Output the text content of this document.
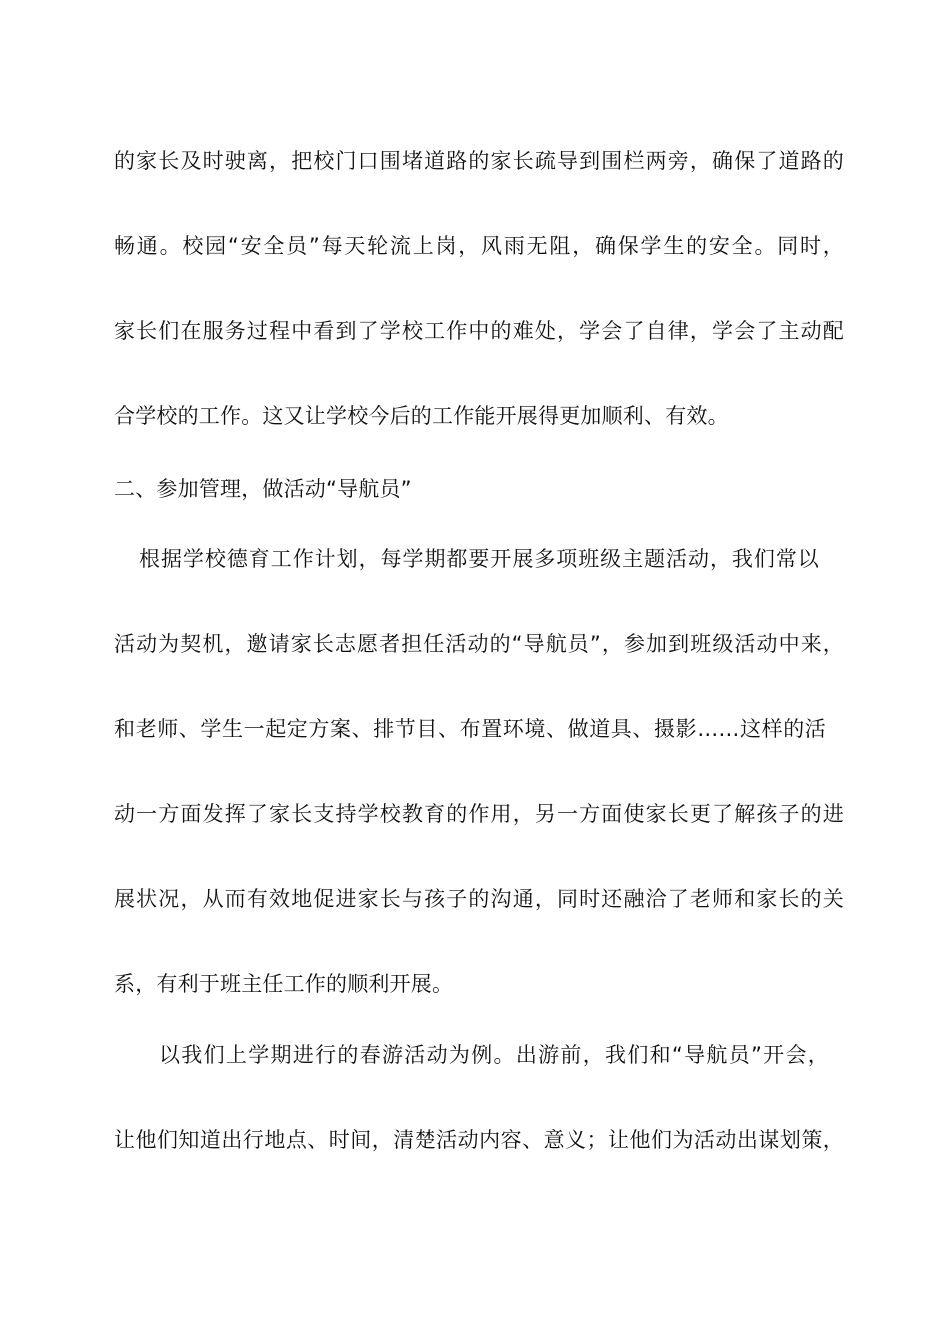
的家长及时驶离，把校门口围堵道路的家长疏导到围栏两旁，确保了道路的
畅通。校园“安全员”每天轮流上岗，风雨无阻，确保学生的安全。同时，
家长们在服务过程中看到了学校工作中的难处，学会了自律，学会了主动配
合学校的工作。这又让学校今后的工作能开展得更加顺利、有效。
二、参加管理，做活动“导航员”
根据学校德育工作计划，每学期都要开展多项班级主题活动，我们常以
活动为契机，邀请家长志愿者担任活动的“导航员”，参加到班级活动中来，
和老师、学生一起定方案、排节目、布置环境、做道具、摄影……这样的活
动一方面发挥了家长支持学校教育的作用，另一方面使家长更了解孩子的进
展状况，从而有效地促进家长与孩子的沟通，同时还融洽了老师和家长的关
系，有利于班主任工作的顺利开展。
以我们上学期进行的春游活动为例。出游前，我们和“导航员”开会，
让他们知道出行地点、时间，清楚活动内容、意义；让他们为活动出谋划策，
